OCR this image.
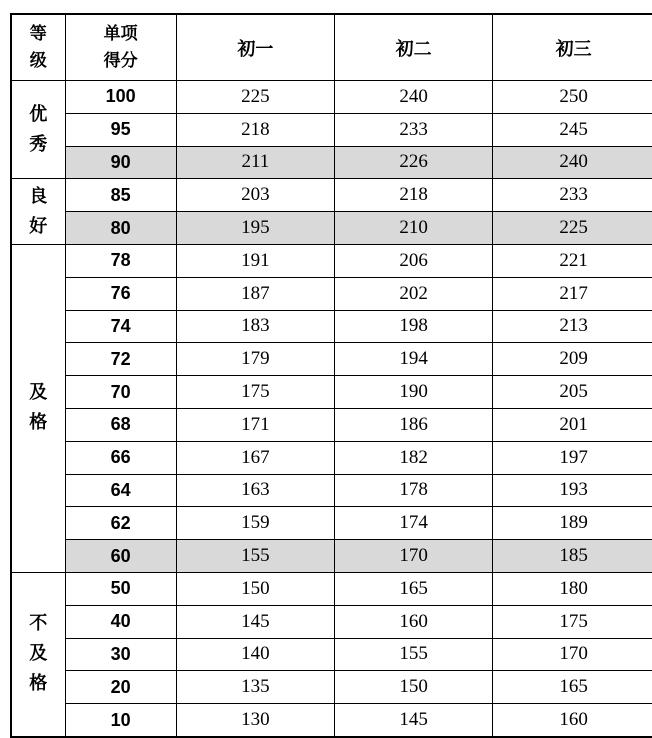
等
级	单项
得分	初一	初二	初三

优
秀	100	225	240	250
	95	218	233	245
	90	211	226	240

良
好	85	203	218	233
	80	195	210	225

及
格	78	191	206	221
	76	187	202	217
	74	183	198	213
	72	179	194	209
	70	175	190	205
	68	171	186	201
	66	167	182	197
	64	163	178	193
	62	159	174	189
	60	155	170	185

不
及
格	50	150	165	180
	40	145	160	175
	30	140	155	170
	20	135	150	165
	10	130	145	160
